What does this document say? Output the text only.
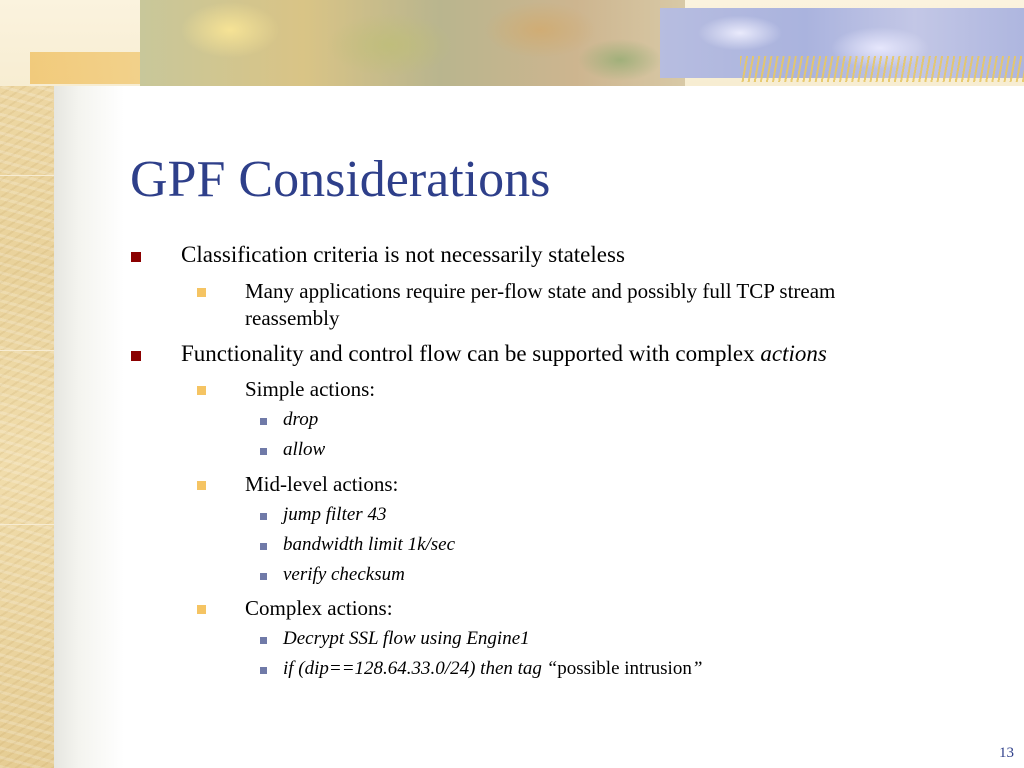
GPF Considerations
Classification criteria is not necessarily stateless
Many applications require per-flow state and possibly full TCP stream
reassembly
Functionality and control flow can be supported with complex actions
Simple actions:
drop
allow
Mid-level actions:
jump filter 43
bandwidth limit 1k/sec
verify checksum
Complex actions:
Decrypt SSL flow using Engine1
if (dip==128.64.33.0/24) then tag “possible intrusion”
13
